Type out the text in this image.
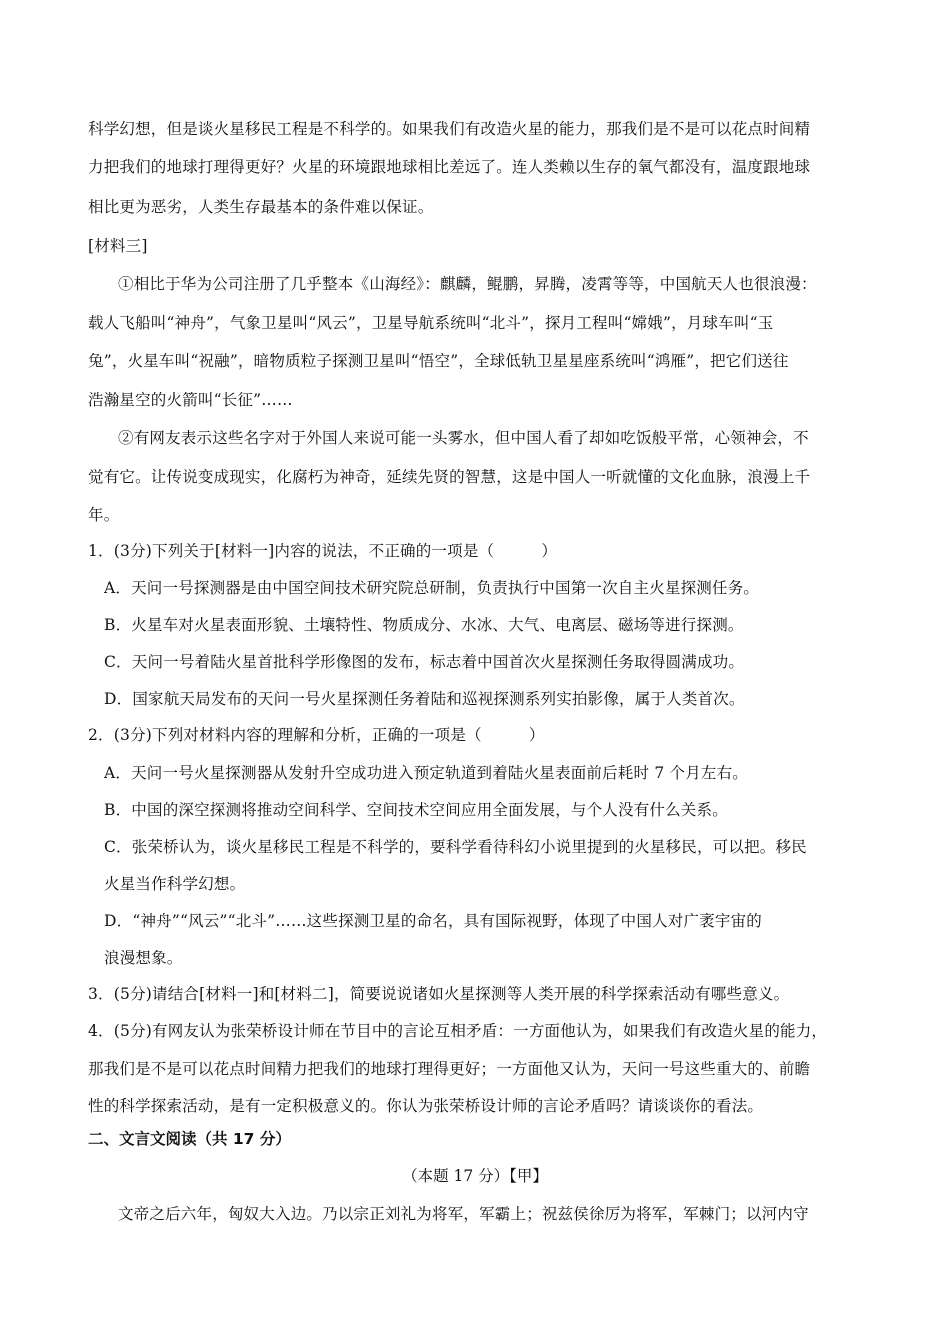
科学幻想，但是谈火星移民工程是不科学的。如果我们有改造火星的能力，那我们是不是可以花点时间精
力把我们的地球打理得更好？火星的环境跟地球相比差远了。连人类赖以生存的氧气都没有，温度跟地球
相比更为恶劣，人类生存最基本的条件难以保证。
[材料三]
①相比于华为公司注册了几乎整本《山海经》：麒麟，鲲鹏，昇腾，凌霄等等，中国航天人也很浪漫：
载人飞船叫“神舟”，气象卫星叫“风云”，卫星导航系统叫“北斗”，探月工程叫“嫦娥”，月球车叫“玉
兔”，火星车叫“祝融”，暗物质粒子探测卫星叫“悟空”，全球低轨卫星星座系统叫“鸿雁”，把它们送往
浩瀚星空的火箭叫“长征”……
②有网友表示这些名字对于外国人来说可能一头雾水，但中国人看了却如吃饭般平常，心领神会，不
觉有它。让传说变成现实，化腐朽为神奇，延续先贤的智慧，这是中国人一听就懂的文化血脉，浪漫上千
年。
1．(3分)下列关于[材料一]内容的说法，不正确的一项是（　　　）
A．天问一号探测器是由中国空间技术研究院总研制，负责执行中国第一次自主火星探测任务。
B．火星车对火星表面形貌、土壤特性、物质成分、水冰、大气、电离层、磁场等进行探测。
C．天问一号着陆火星首批科学形像图的发布，标志着中国首次火星探测任务取得圆满成功。
D．国家航天局发布的天问一号火星探测任务着陆和巡视探测系列实拍影像，属于人类首次。
2．(3分)下列对材料内容的理解和分析，正确的一项是（　　　）
A．天问一号火星探测器从发射升空成功进入预定轨道到着陆火星表面前后耗时 7 个月左右。
B．中国的深空探测将推动空间科学、空间技术空间应用全面发展，与个人没有什么关系。
C．张荣桥认为，谈火星移民工程是不科学的，要科学看待科幻小说里提到的火星移民，可以把。移民
火星当作科学幻想。
D．“神舟”“风云”“北斗”……这些探测卫星的命名，具有国际视野，体现了中国人对广袤宇宙的
浪漫想象。
3．(5分)请结合[材料一]和[材料二]，简要说说诸如火星探测等人类开展的科学探索活动有哪些意义。
4．(5分)有网友认为张荣桥设计师在节目中的言论互相矛盾：一方面他认为，如果我们有改造火星的能力，
那我们是不是可以花点时间精力把我们的地球打理得更好；一方面他又认为，天问一号这些重大的、前瞻
性的科学探索活动，是有一定积极意义的。你认为张荣桥设计师的言论矛盾吗？请谈谈你的看法。
二、文言文阅读（共 17 分）
（本题 17 分）【甲】
文帝之后六年，匈奴大入边。乃以宗正刘礼为将军，军霸上；祝兹侯徐厉为将军，军棘门；以河内守
